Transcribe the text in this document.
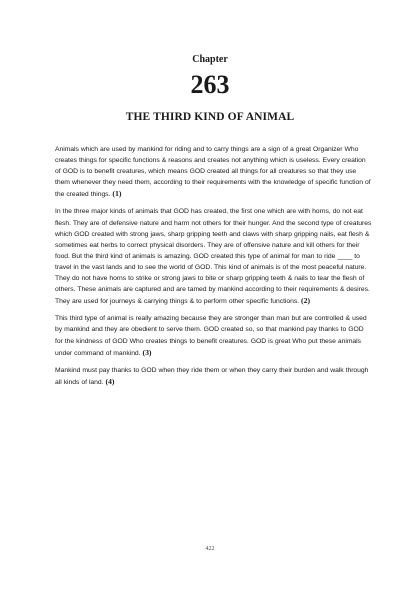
Chapter
263
THE THIRD KIND OF ANIMAL

Animals which are used by mankind for riding and to carry things are a sign of a great Organizer Who creates things for specific functions & reasons and creates not anything which is useless. Every creation of GOD is to benefit creatures, which means GOD created all things for all creatures so that they use them whenever they need them, according to their requirements with the knowledge of specific function of the created things. (1)

In the three major kinds of animals that GOD has created, the first one which are with horns, do not eat flesh. They are of defensive nature and harm not others for their hunger. And the second type of creatures which GOD created with strong jaws, sharp gripping teeth and claws with sharp gripping nails, eat flesh & sometimes eat herbs to correct physical disorders. They are of offensive nature and kill others for their food. But the third kind of animals is amazing. GOD created this type of animal for man to ride ____ to travel in the vast lands and to see the world of GOD. This kind of animals is of the most peaceful nature. They do not have horns to strike or strong jaws to bite or sharp gripping teeth & nails to tear the flesh of others. These animals are captured and are tamed by mankind according to their requirements & desires. They are used for journeys & carrying things & to perform other specific functions. (2)

This third type of animal is really amazing because they are stronger than man but are controlled & used by mankind and they are obedient to serve them. GOD created so, so that mankind pay thanks to GOD for the kindness of GOD Who creates things to benefit creatures. GOD is great Who put these animals under command of mankind. (3)

Mankind must pay thanks to GOD when they ride them or when they carry their burden and walk through all kinds of land. (4)

422
